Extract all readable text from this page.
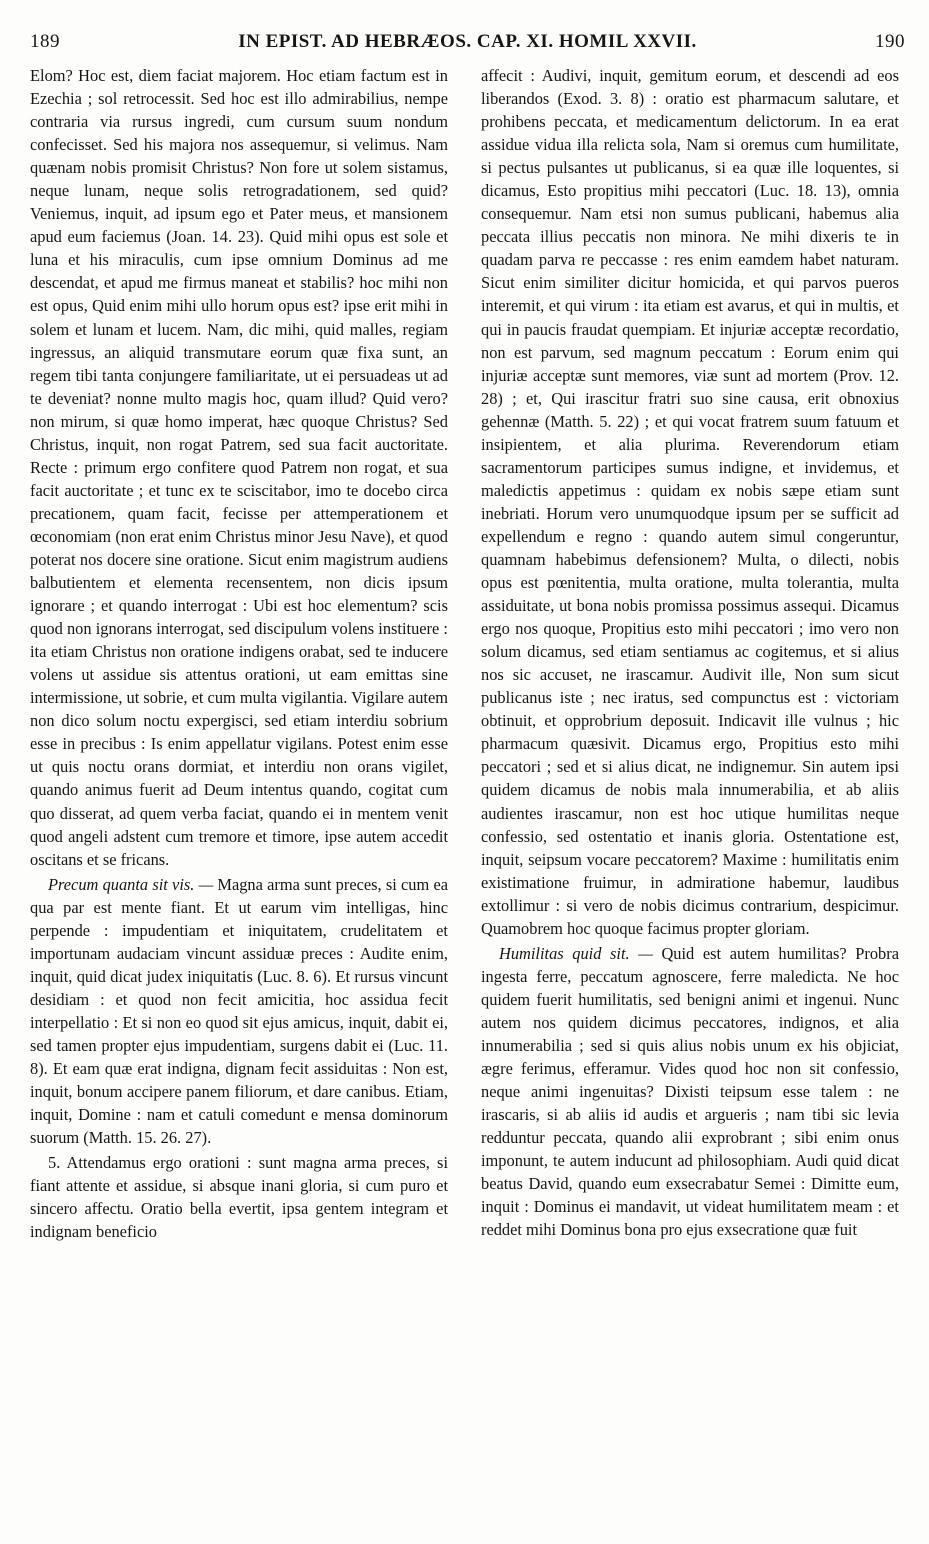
189	IN EPIST. AD HEBRÆOS. CAP. XI. HOMIL XXVII.	190

Elom? Hoc est, diem faciat majorem. Hoc etiam factum est in Ezechia ; sol retrocessit. Sed hoc est illo admirabilius, nempe contraria via rursus ingredi, cum cursum suum nondum confecisset. Sed his majora nos assequemur, si velimus. Nam quænam nobis promisit Christus? Non fore ut solem sistamus, neque lunam, neque solis retrogradationem, sed quid? Veniemus, inquit, ad ipsum ego et Pater meus, et mansionem apud eum faciemus (Joan. 14. 23). Quid mihi opus est sole et luna et his miraculis, cum ipse omnium Dominus ad me descendat, et apud me firmus maneat et stabilis? hoc mihi non est opus, Quid enim mihi ullo horum opus est? ipse erit mihi in solem et lunam et lucem. Nam, dic mihi, quid malles, regiam ingressus, an aliquid transmutare eorum quæ fixa sunt, an regem tibi tanta conjungere familiaritate, ut ei persuadeas ut ad te deveniat? nonne multo magis hoc, quam illud? Quid vero? non mirum, si quæ homo imperat, hæc quoque Christus? Sed Christus, inquit, non rogat Patrem, sed sua facit auctoritate. Recte : primum ergo confitere quod Patrem non rogat, et sua facit auctoritate ; et tunc ex te sciscitabor, imo te docebo circa precationem, quam facit, fecisse per attemperationem et œconomiam (non erat enim Christus minor Jesu Nave), et quod poterat nos docere sine oratione. Sicut enim magistrum audiens balbutientem et elementa recensentem, non dicis ipsum ignorare ; et quando interrogat : Ubi est hoc elementum? scis quod non ignorans interrogat, sed discipulum volens instituere : ita etiam Christus non oratione indigens orabat, sed te inducere volens ut assidue sis attentus orationi, ut eam emittas sine intermissione, ut sobrie, et cum multa vigilantia. Vigilare autem non dico solum noctu expergisci, sed etiam interdiu sobrium esse in precibus : Is enim appellatur vigilans. Potest enim esse ut quis noctu orans dormiat, et interdiu non orans vigilet, quando animus fuerit ad Deum intentus quando, cogitat cum quo disserat, ad quem verba faciat, quando ei in mentem venit quod angeli adstent cum tremore et timore, ipse autem accedit oscitans et se fricans.

Precum quanta sit vis. — Magna arma sunt preces, si cum ea qua par est mente fiant. Et ut earum vim intelligas, hinc perpende : impudentiam et iniquitatem, crudelitatem et importunam audaciam vincunt assiduæ preces : Audite enim, inquit, quid dicat judex iniquitatis (Luc. 8. 6). Et rursus vincunt desidiam : et quod non fecit amicitia, hoc assidua fecit interpellatio : Et si non eo quod sit ejus amicus, inquit, dabit ei, sed tamen propter ejus impudentiam, surgens dabit ei (Luc. 11. 8). Et eam quæ erat indigna, dignam fecit assiduitas : Non est, inquit, bonum accipere panem filiorum, et dare canibus. Etiam, inquit, Domine : nam et catuli comedunt e mensa dominorum suorum (Matth. 15. 26. 27).

5. Attendamus ergo orationi : sunt magna arma preces, si fiant attente et assidue, si absque inani gloria, si cum puro et sincero affectu. Oratio bella evertit, ipsa gentem integram et indignam beneficio

affecit : Audivi, inquit, gemitum eorum, et descendi ad eos liberandos (Exod. 3. 8) : oratio est pharmacum salutare, et prohibens peccata, et medicamentum delictorum. In ea erat assidue vidua illa relicta sola, Nam si oremus cum humilitate, si pectus pulsantes ut publicanus, si ea quæ ille loquentes, si dicamus, Esto propitius mihi peccatori (Luc. 18. 13), omnia consequemur. Nam etsi non sumus publicani, habemus alia peccata illius peccatis non minora. Ne mihi dixeris te in quadam parva re peccasse : res enim eamdem habet naturam. Sicut enim similiter dicitur homicida, et qui parvos pueros interemit, et qui virum : ita etiam est avarus, et qui in multis, et qui in paucis fraudat quempiam. Et injuriæ acceptæ recordatio, non est parvum, sed magnum peccatum : Eorum enim qui injuriæ acceptæ sunt memores, viæ sunt ad mortem (Prov. 12. 28) ; et, Qui irascitur fratri suo sine causa, erit obnoxius gehennæ (Matth. 5. 22) ; et qui vocat fratrem suum fatuum et insipientem, et alia plurima. Reverendorum etiam sacramentorum participes sumus indigne, et invidemus, et maledictis appetimus : quidam ex nobis sæpe etiam sunt inebriati. Horum vero unumquodque ipsum per se sufficit ad expellendum e regno : quando autem simul congeruntur, quamnam habebimus defensionem? Multa, o dilecti, nobis opus est pœnitentia, multa oratione, multa tolerantia, multa assiduitate, ut bona nobis promissa possimus assequi. Dicamus ergo nos quoque, Propitius esto mihi peccatori ; imo vero non solum dicamus, sed etiam sentiamus ac cogitemus, et si alius nos sic accuset, ne irascamur. Audivit ille, Non sum sicut publicanus iste ; nec iratus, sed compunctus est : victoriam obtinuit, et opprobrium deposuit. Indicavit ille vulnus ; hic pharmacum quæsivit. Dicamus ergo, Propitius esto mihi peccatori ; sed et si alius dicat, ne indignemur. Sin autem ipsi quidem dicamus de nobis mala innumerabilia, et ab aliis audientes irascamur, non est hoc utique humilitas neque confessio, sed ostentatio et inanis gloria. Ostentatione est, inquit, seipsum vocare peccatorem? Maxime : humilitatis enim existimatione fruimur, in admiratione habemur, laudibus extollimur : si vero de nobis dicimus contrarium, despicimur. Quamobrem hoc quoque facimus propter gloriam.

Humilitas quid sit. — Quid est autem humilitas? Probra ingesta ferre, peccatum agnoscere, ferre maledicta. Ne hoc quidem fuerit humilitatis, sed benigni animi et ingenui. Nunc autem nos quidem dicimus peccatores, indignos, et alia innumerabilia ; sed si quis alius nobis unum ex his objiciat, ægre ferimus, efferamur. Vides quod hoc non sit confessio, neque animi ingenuitas? Dixisti teipsum esse talem : ne irascaris, si ab aliis id audis et argueris ; nam tibi sic levia redduntur peccata, quando alii exprobrant ; sibi enim onus imponunt, te autem inducunt ad philosophiam. Audi quid dicat beatus David, quando eum exsecrabatur Semei : Dimitte eum, inquit : Dominus ei mandavit, ut videat humilitatem meam : et reddet mihi Dominus bona pro ejus exsecratione quæ fuit
